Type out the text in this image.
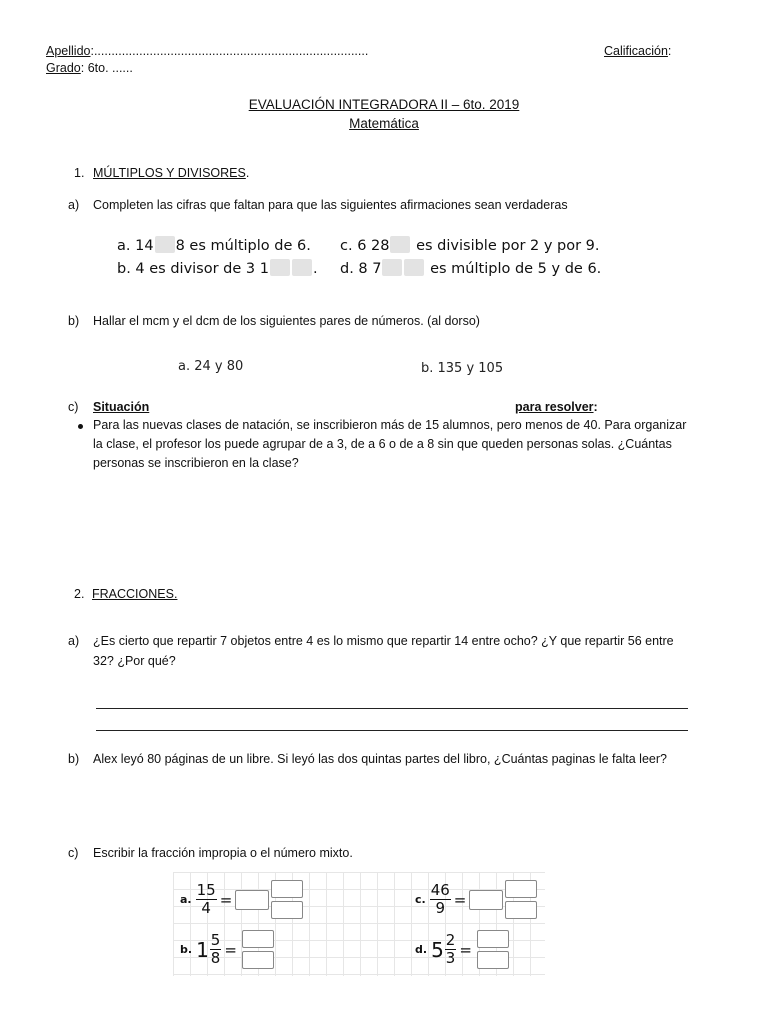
Apellido:...............................................................................	Calificación:
Grado: 6to. ......
EVALUACIÓN INTEGRADORA II – 6to. 2019
Matemática
1. MÚLTIPLOS Y DIVISORES.
a) Completen las cifras que faltan para que las siguientes afirmaciones sean verdaderas
a. 14 8 es múltiplo de 6.
b. 4 es divisor de 3 1	.
c. 6 28 es divisible por 2 y por 9.
d. 8 7	es múltiplo de 5 y de 6.
b) Hallar el mcm y el dcm de los siguientes pares de números. (al dorso)
a. 24 y 80	b. 135 y 105
c) Situación	para resolver:
Para las nuevas clases de natación, se inscribieron más de 15 alumnos, pero menos de 40. Para organizar
la clase, el profesor los puede agrupar de a 3, de a 6 o de a 8 sin que queden personas solas. ¿Cuántas
personas se inscribieron en la clase?
2. FRACCIONES.
a) ¿Es cierto que repartir 7 objetos entre 4 es lo mismo que repartir 14 entre ocho? ¿Y que repartir 56 entre
32? ¿Por qué?
b) Alex leyó 80 páginas de un libre. Si leyó las dos quintas partes del libro, ¿Cuántas paginas le falta leer?
c) Escribir la fracción impropia o el número mixto.
a. $\frac{15}{4}$ =
b. $1 \frac{5}{8}$ =
c. $\frac{46}{9}$ =
d. $5 \frac{2}{3}$ =
